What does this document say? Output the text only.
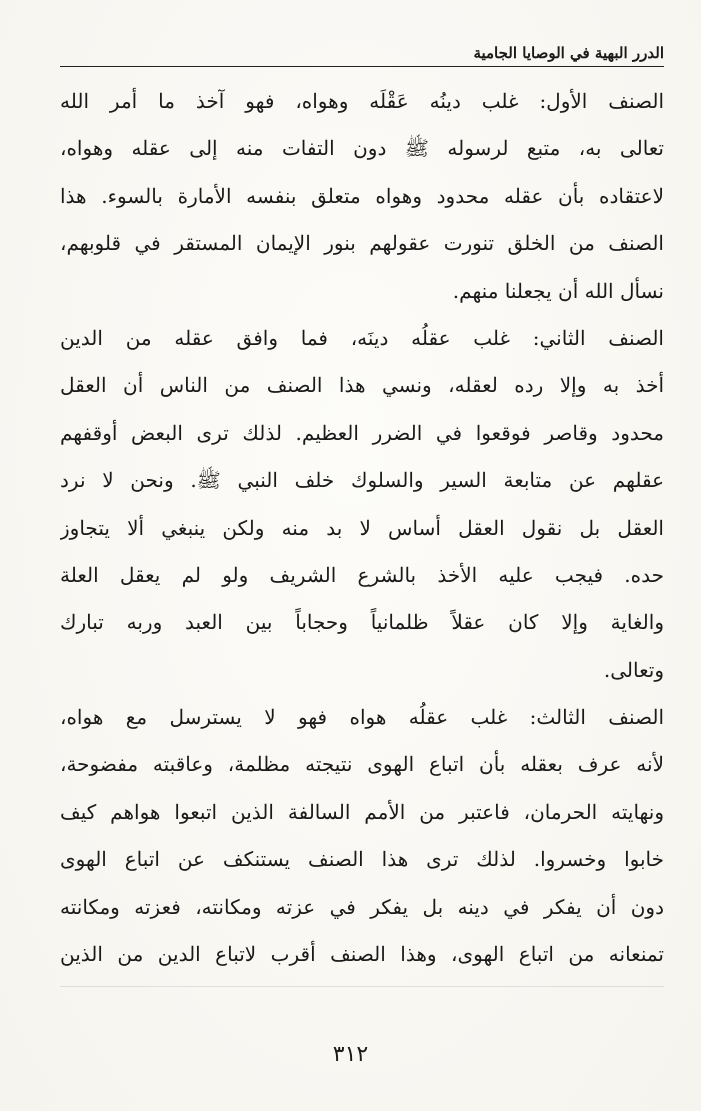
الدرر البهية في الوصايا الجامية
الصنف الأول: غلب دينُه عَقْلَه وهواه، فهو آخذ ما أمر الله
تعالى به، متبع لرسوله ﷺ دون التفات منه إلى عقله وهواه،
لاعتقاده بأن عقله محدود وهواه متعلق بنفسه الأمارة بالسوء. هذا
الصنف من الخلق تنورت عقولهم بنور الإيمان المستقر في قلوبهم،
نسأل الله أن يجعلنا منهم.
الصنف الثاني: غلب عقلُه دينَه، فما وافق عقله من الدين
أخذ به وإلا رده لعقله، ونسي هذا الصنف من الناس أن العقل
محدود وقاصر فوقعوا في الضرر العظيم. لذلك ترى البعض أوقفهم
عقلهم عن متابعة السير والسلوك خلف النبي ﷺ. ونحن لا نرد
العقل بل نقول العقل أساس لا بد منه ولكن ينبغي ألا يتجاوز
حده. فيجب عليه الأخذ بالشرع الشريف ولو لم يعقل العلة
والغاية وإلا كان عقلاً ظلمانياً وحجاباً بين العبد وربه تبارك
وتعالى.
الصنف الثالث: غلب عقلُه هواه فهو لا يسترسل مع هواه،
لأنه عرف بعقله بأن اتباع الهوى نتيجته مظلمة، وعاقبته مفضوحة،
ونهايته الحرمان، فاعتبر من الأمم السالفة الذين اتبعوا هواهم كيف
خابوا وخسروا. لذلك ترى هذا الصنف يستنكف عن اتباع الهوى
دون أن يفكر في دينه بل يفكر في عزته ومكانته، فعزته ومكانته
تمنعانه من اتباع الهوى، وهذا الصنف أقرب لاتباع الدين من الذين
٣١٢
